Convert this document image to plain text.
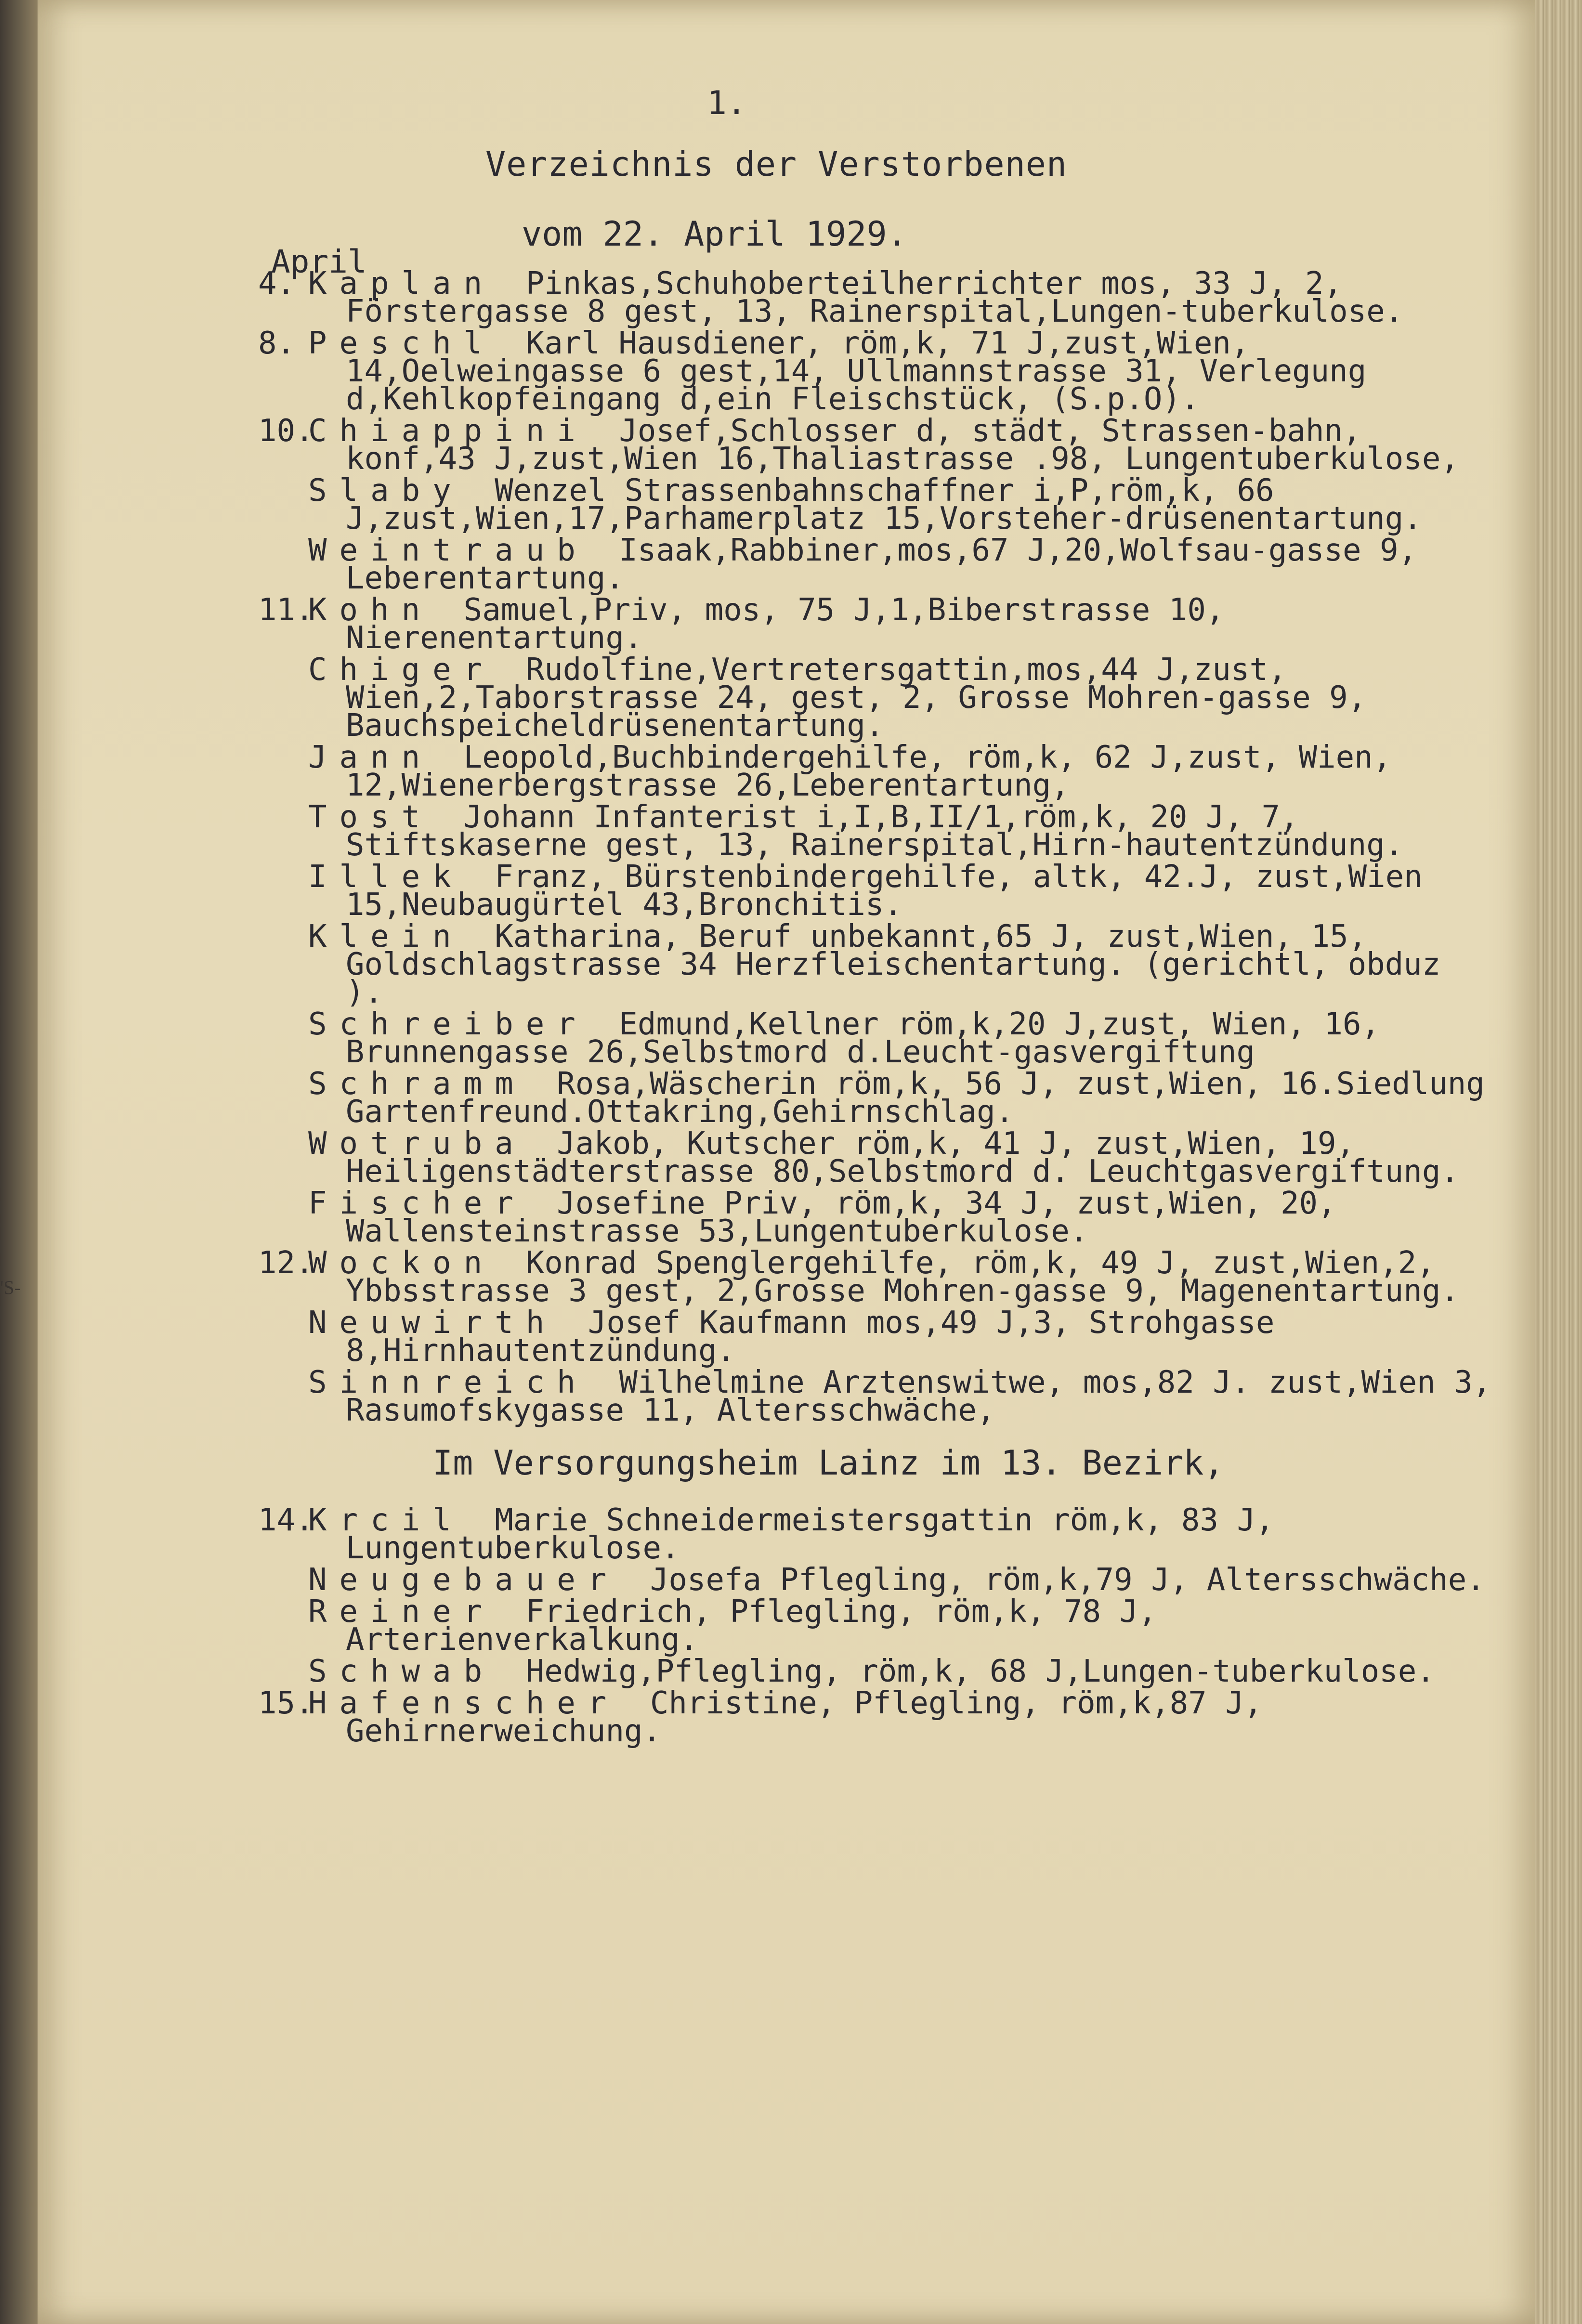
1.
Verzeichnis der Verstorbenen
vom 22. April 1929.
April
4. Kaplan Pinkas,Schuhoberteilherrichter mos, 33 J, 2, Förstergasse 8 gest, 13, Rainerspital,Lungen-tuberkulose.
8. Peschl Karl Hausdiener, röm,k, 71 J,zust,Wien, 14,Oelweingasse 6 gest,14, Ullmannstrasse 31, Verlegung d,Kehlkopfeingang d,ein Fleischstück, (S.p.O).
10.
Chiappini Josef,Schlosser d, städt, Strassen-bahn, konf,43 J,zust,Wien 16,Thaliastrasse .98, Lungentuberkulose,
Slaby Wenzel Strassenbahnschaffner i,P,röm,k, 66 J,zust,Wien,17,Parhamerplatz 15,Vorsteher-drüsenentartung.
Weintraub Isaak,Rabbiner,mos,67 J,20,Wolfsau-gasse 9, Leberentartung.
11.
Kohn Samuel,Priv, mos, 75 J,1,Biberstrasse 10, Nierenentartung.
Chiger Rudolfine,Vertretersgattin,mos,44 J,zust, Wien,2,Taborstrasse 24, gest, 2, Grosse Mohren-gasse 9, Bauchspeicheldrüsenentartung.
Jann Leopold,Buchbindergehilfe, röm,k, 62 J,zust, Wien, 12,Wienerbergstrasse 26,Leberentartung,
Tost Johann Infanterist i,I,B,II/1,röm,k, 20 J, 7, Stiftskaserne gest, 13, Rainerspital,Hirn-hautentzündung.
Illek Franz, Bürstenbindergehilfe, altk, 42.J, zust,Wien 15,Neubaugürtel 43,Bronchitis.
Klein Katharina, Beruf unbekannt,65 J, zust,Wien, 15, Goldschlagstrasse 34 Herzfleischentartung. (gerichtl, obduz ).
Schreiber Edmund,Kellner röm,k,20 J,zust, Wien, 16, Brunnengasse 26,Selbstmord d.Leucht-gasvergiftung
Schramm Rosa,Wäscherin röm,k, 56 J, zust,Wien, 16.Siedlung Gartenfreund.Ottakring,Gehirnschlag.
Wotruba Jakob, Kutscher röm,k, 41 J, zust,Wien, 19, Heiligenstädterstrasse 80,Selbstmord d. Leuchtgasvergiftung.
Fischer Josefine Priv, röm,k, 34 J, zust,Wien, 20, Wallensteinstrasse 53,Lungentuberkulose.
12.
Wockon Konrad Spenglergehilfe, röm,k, 49 J, zust,Wien,2, Ybbsstrasse 3 gest, 2,Grosse Mohren-gasse 9, Magenentartung.
Neuwirth Josef Kaufmann mos,49 J,3, Strohgasse 8,Hirnhautentzündung.
Sinnreich Wilhelmine Arztenswitwe, mos,82 J. zust,Wien 3, Rasumofskygasse 11, Altersschwäche,
Im Versorgungsheim Lainz im 13. Bezirk,
14.
Krcil Marie Schneidermeistersgattin röm,k, 83 J, Lungentuberkulose.
Neugebauer Josefa Pflegling, röm,k,79 J, Altersschwäche.
Reiner Friedrich, Pflegling, röm,k, 78 J, Arterienverkalkung.
Schwab Hedwig,Pflegling, röm,k, 68 J,Lungen-tuberkulose.
15.
Hafenscher Christine, Pflegling, röm,k,87 J, Gehirnerweichung.
'S-
